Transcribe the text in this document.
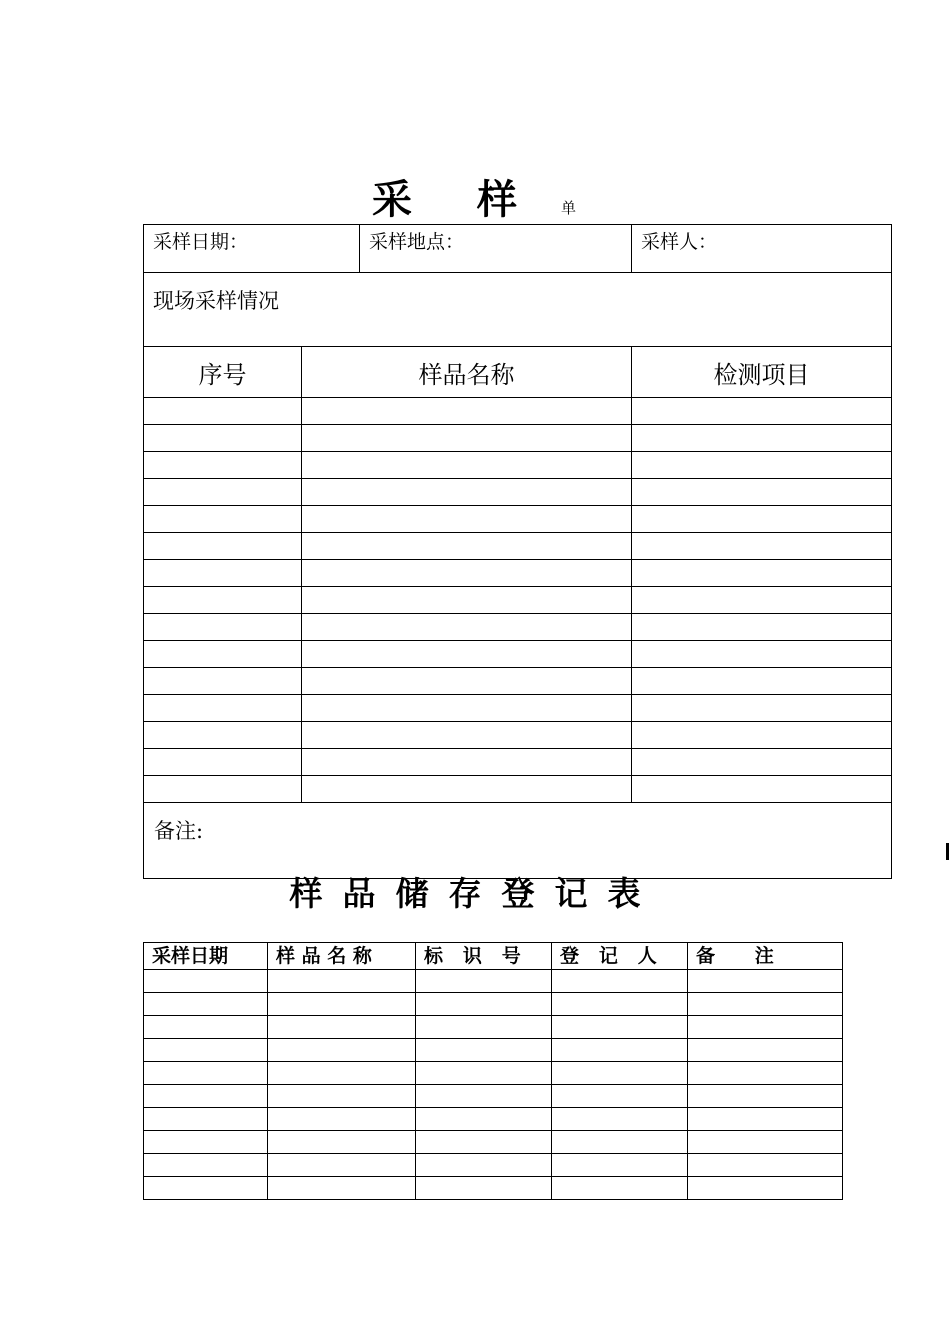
采 样	单
采样日期：		采样地点：	采样人：
现场采样情况			
序号	样品名称		检测项目

备注:			
样品储存登记表
采样日期	样 品 名 称	标   识   号	登   记   人	备      注
